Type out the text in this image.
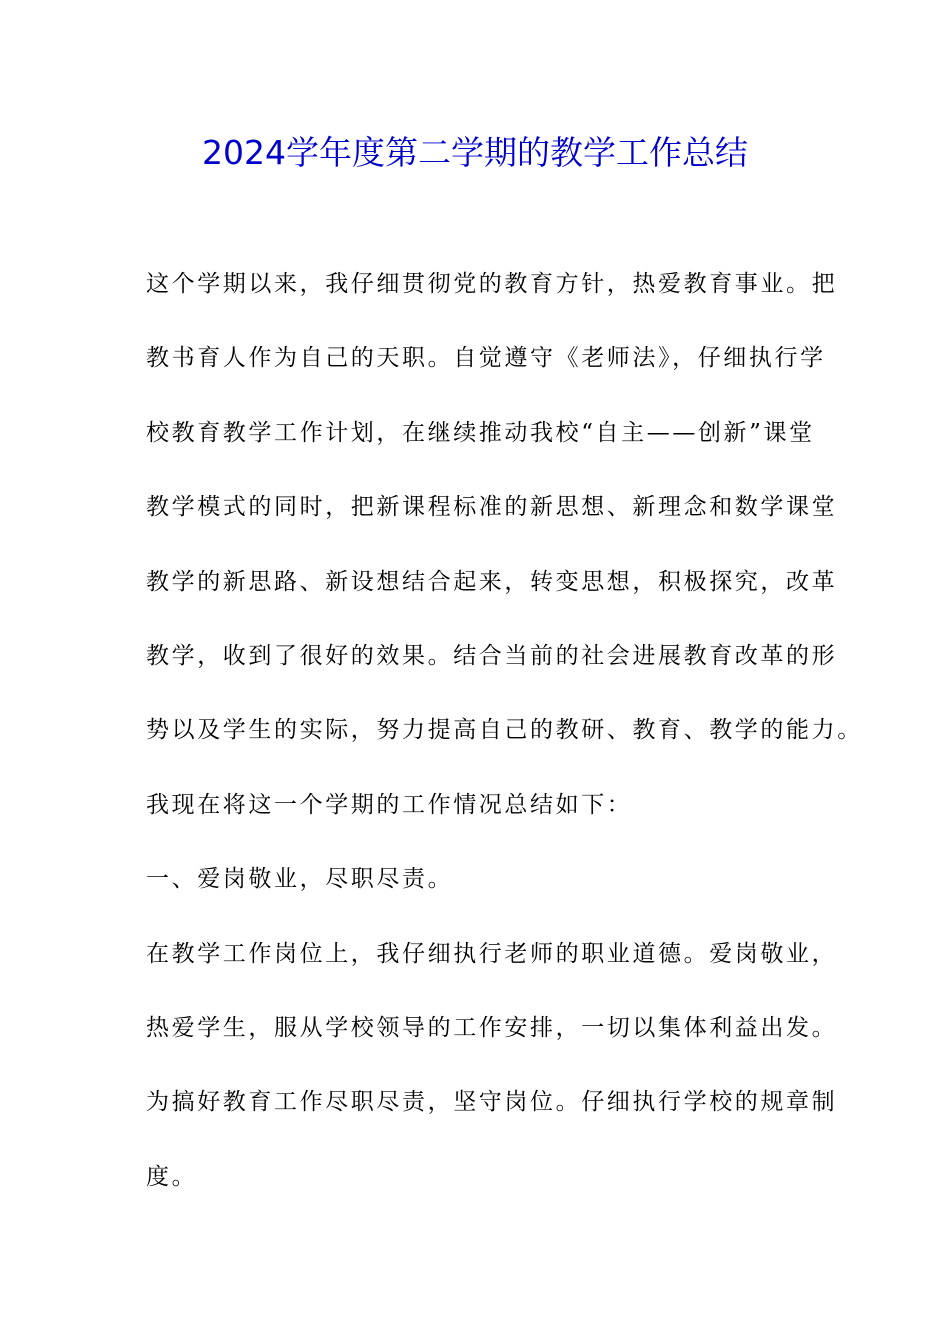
2024学年度第二学期的教学工作总结
这个学期以来，我仔细贯彻党的教育方针，热爱教育事业。把
教书育人作为自己的天职。自觉遵守《老师法》，仔细执行学
校教育教学工作计划，在继续推动我校“自主——创新”课堂
教学模式的同时，把新课程标准的新思想、新理念和数学课堂
教学的新思路、新设想结合起来，转变思想，积极探究，改革
教学，收到了很好的效果。结合当前的社会进展教育改革的形
势以及学生的实际，努力提高自己的教研、教育、教学的能力。
我现在将这一个学期的工作情况总结如下：
一、爱岗敬业，尽职尽责。
在教学工作岗位上，我仔细执行老师的职业道德。爱岗敬业，
热爱学生，服从学校领导的工作安排，一切以集体利益出发。
为搞好教育工作尽职尽责，坚守岗位。仔细执行学校的规章制
度。
